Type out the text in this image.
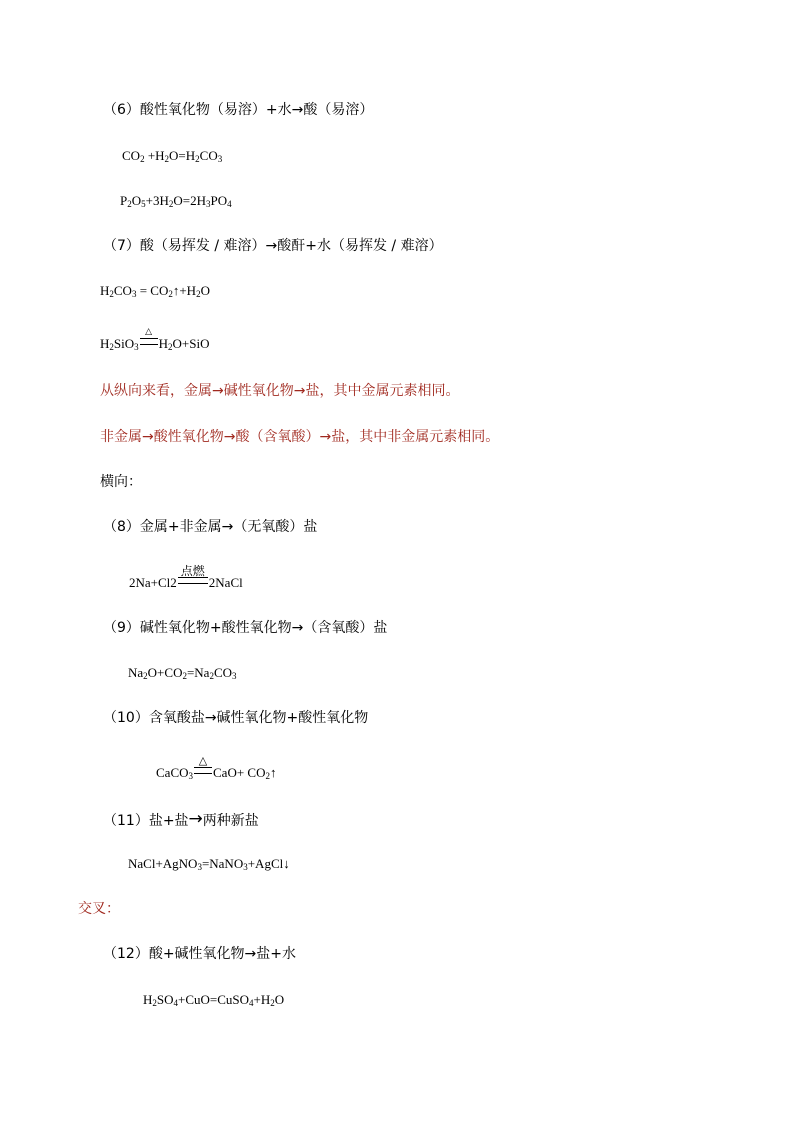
（6）酸性氧化物（易溶）+水→酸（易溶）
$CO_2 +H_2O=H_2CO_3$
$P_2O_5+3H_2O=2H_3PO_4$
（7）酸（易挥发 / 难溶）→酸酐+水（易挥发 / 难溶）
$H_2CO_3$ = $CO_2↑+H_2O$
$H_2SiO_3$
△
$H_2O+SiO$
从纵向来看，金属→碱性氧化物→盐，其中金属元素相同。
非金属→酸性氧化物→酸（含氧酸）→盐，其中非金属元素相同。
横向：
（8）金属+非金属→（无氧酸）盐
2Na+Cl2
点燃
2NaCl
（9）碱性氧化物+酸性氧化物→（含氧酸）盐
$Na_2O+CO_2=Na_2CO_3$
（10）含氧酸盐→碱性氧化物+酸性氧化物
CaCO$_3$
△
$CaO+ CO_2↑$
（11）盐+盐→两种新盐
NaCl+AgNO$_3$=NaNO$_3$+AgCl↓
交叉：
（12）酸+碱性氧化物→盐+水
$H_2SO_4+CuO=CuSO_4+H_2O$
